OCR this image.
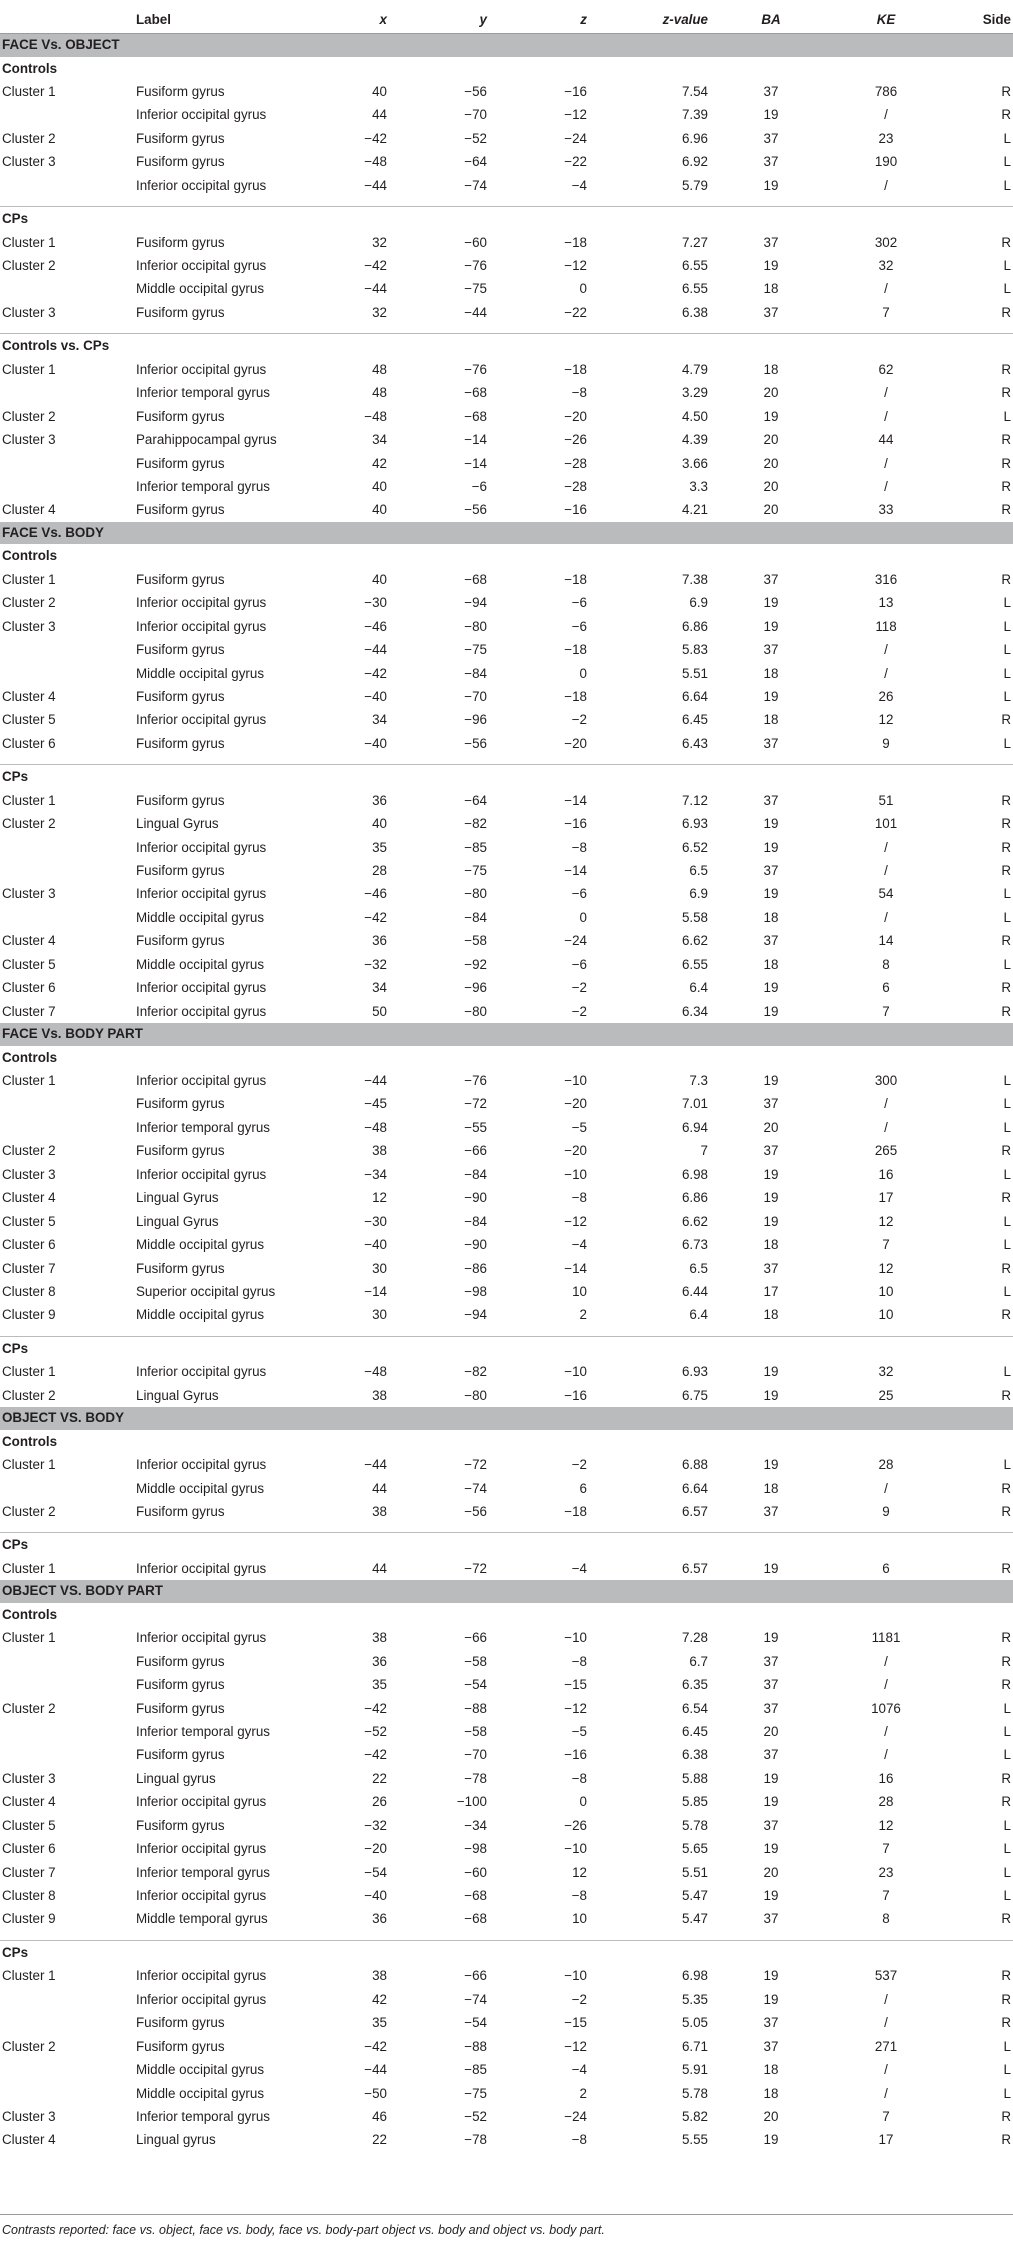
Label	x	y	z	z-value	BA	KE	Side
FACE Vs. OBJECT
Controls
Cluster 1	Fusiform gyrus	40	−56	−16	7.54	37	786	R
Inferior occipital gyrus	44	−70	−12	7.39	19	/	R
Cluster 2	Fusiform gyrus	−42	−52	−24	6.96	37	23	L
Cluster 3	Fusiform gyrus	−48	−64	−22	6.92	37	190	L
Inferior occipital gyrus	−44	−74	−4	5.79	19	/	L
CPs
Cluster 1	Fusiform gyrus	32	−60	−18	7.27	37	302	R
Cluster 2	Inferior occipital gyrus	−42	−76	−12	6.55	19	32	L
Middle occipital gyrus	−44	−75	0	6.55	18	/	L
Cluster 3	Fusiform gyrus	32	−44	−22	6.38	37	7	R
Controls vs. CPs
Cluster 1	Inferior occipital gyrus	48	−76	−18	4.79	18	62	R
Inferior temporal gyrus	48	−68	−8	3.29	20	/	R
Cluster 2	Fusiform gyrus	−48	−68	−20	4.50	19	/	L
Cluster 3	Parahippocampal gyrus	34	−14	−26	4.39	20	44	R
Fusiform gyrus	42	−14	−28	3.66	20	/	R
Inferior temporal gyrus	40	−6	−28	3.3	20	/	R
Cluster 4	Fusiform gyrus	40	−56	−16	4.21	20	33	R
FACE Vs. BODY
Controls
Cluster 1	Fusiform gyrus	40	−68	−18	7.38	37	316	R
Cluster 2	Inferior occipital gyrus	−30	−94	−6	6.9	19	13	L
Cluster 3	Inferior occipital gyrus	−46	−80	−6	6.86	19	118	L
Fusiform gyrus	−44	−75	−18	5.83	37	/	L
Middle occipital gyrus	−42	−84	0	5.51	18	/	L
Cluster 4	Fusiform gyrus	−40	−70	−18	6.64	19	26	L
Cluster 5	Inferior occipital gyrus	34	−96	−2	6.45	18	12	R
Cluster 6	Fusiform gyrus	−40	−56	−20	6.43	37	9	L
CPs
Cluster 1	Fusiform gyrus	36	−64	−14	7.12	37	51	R
Cluster 2	Lingual Gyrus	40	−82	−16	6.93	19	101	R
Inferior occipital gyrus	35	−85	−8	6.52	19	/	R
Fusiform gyrus	28	−75	−14	6.5	37	/	R
Cluster 3	Inferior occipital gyrus	−46	−80	−6	6.9	19	54	L
Middle occipital gyrus	−42	−84	0	5.58	18	/	L
Cluster 4	Fusiform gyrus	36	−58	−24	6.62	37	14	R
Cluster 5	Middle occipital gyrus	−32	−92	−6	6.55	18	8	L
Cluster 6	Inferior occipital gyrus	34	−96	−2	6.4	19	6	R
Cluster 7	Inferior occipital gyrus	50	−80	−2	6.34	19	7	R
FACE Vs. BODY PART
Controls
Cluster 1	Inferior occipital gyrus	−44	−76	−10	7.3	19	300	L
Fusiform gyrus	−45	−72	−20	7.01	37	/	L
Inferior temporal gyrus	−48	−55	−5	6.94	20	/	L
Cluster 2	Fusiform gyrus	38	−66	−20	7	37	265	R
Cluster 3	Inferior occipital gyrus	−34	−84	−10	6.98	19	16	L
Cluster 4	Lingual Gyrus	12	−90	−8	6.86	19	17	R
Cluster 5	Lingual Gyrus	−30	−84	−12	6.62	19	12	L
Cluster 6	Middle occipital gyrus	−40	−90	−4	6.73	18	7	L
Cluster 7	Fusiform gyrus	30	−86	−14	6.5	37	12	R
Cluster 8	Superior occipital gyrus	−14	−98	10	6.44	17	10	L
Cluster 9	Middle occipital gyrus	30	−94	2	6.4	18	10	R
CPs
Cluster 1	Inferior occipital gyrus	−48	−82	−10	6.93	19	32	L
Cluster 2	Lingual Gyrus	38	−80	−16	6.75	19	25	R
OBJECT VS. BODY
Controls
Cluster 1	Inferior occipital gyrus	−44	−72	−2	6.88	19	28	L
Middle occipital gyrus	44	−74	6	6.64	18	/	R
Cluster 2	Fusiform gyrus	38	−56	−18	6.57	37	9	R
CPs
Cluster 1	Inferior occipital gyrus	44	−72	−4	6.57	19	6	R
OBJECT VS. BODY PART
Controls
Cluster 1	Inferior occipital gyrus	38	−66	−10	7.28	19	1181	R
Fusiform gyrus	36	−58	−8	6.7	37	/	R
Fusiform gyrus	35	−54	−15	6.35	37	/	R
Cluster 2	Fusiform gyrus	−42	−88	−12	6.54	37	1076	L
Inferior temporal gyrus	−52	−58	−5	6.45	20	/	L
Fusiform gyrus	−42	−70	−16	6.38	37	/	L
Cluster 3	Lingual gyrus	22	−78	−8	5.88	19	16	R
Cluster 4	Inferior occipital gyrus	26	−100	0	5.85	19	28	R
Cluster 5	Fusiform gyrus	−32	−34	−26	5.78	37	12	L
Cluster 6	Inferior occipital gyrus	−20	−98	−10	5.65	19	7	L
Cluster 7	Inferior temporal gyrus	−54	−60	12	5.51	20	23	L
Cluster 8	Inferior occipital gyrus	−40	−68	−8	5.47	19	7	L
Cluster 9	Middle temporal gyrus	36	−68	10	5.47	37	8	R
CPs
Cluster 1	Inferior occipital gyrus	38	−66	−10	6.98	19	537	R
Inferior occipital gyrus	42	−74	−2	5.35	19	/	R
Fusiform gyrus	35	−54	−15	5.05	37	/	R
Cluster 2	Fusiform gyrus	−42	−88	−12	6.71	37	271	L
Middle occipital gyrus	−44	−85	−4	5.91	18	/	L
Middle occipital gyrus	−50	−75	2	5.78	18	/	L
Cluster 3	Inferior temporal gyrus	46	−52	−24	5.82	20	7	R
Cluster 4	Lingual gyrus	22	−78	−8	5.55	19	17	R
Contrasts reported: face vs. object, face vs. body, face vs. body-part object vs. body and object vs. body part.
